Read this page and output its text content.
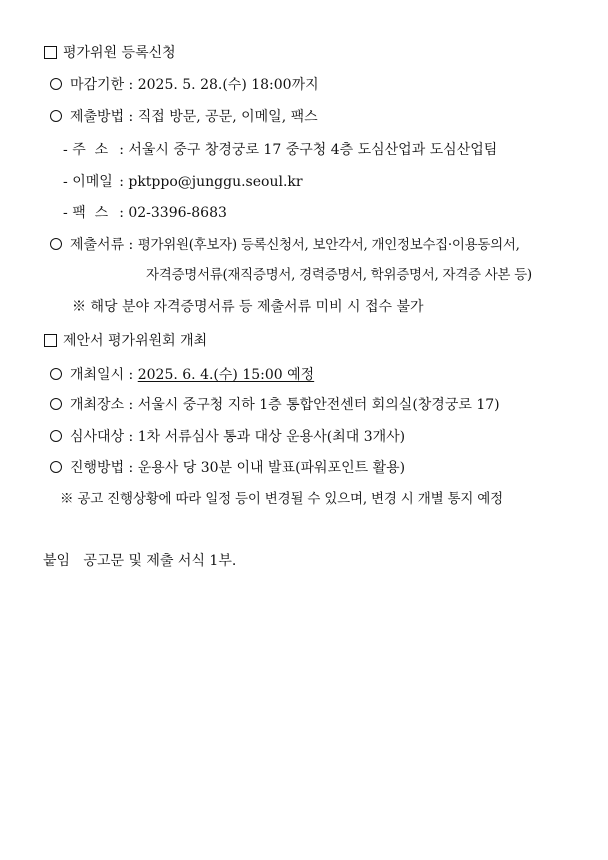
평가위원 등록신청
마감기한 : 2025. 5. 28.(수) 18:00까지
제출방법 : 직접 방문, 공문, 이메일, 팩스
- 주  소 : 서울시 중구 창경궁로 17 중구청 4층 도심산업과 도심산업팀
- 이메일 : pktppo@junggu.seoul.kr
- 팩  스 : 02-3396-8683
제출서류 : 평가위원(후보자) 등록신청서, 보안각서, 개인정보수집·이용동의서,
자격증명서류(재직증명서, 경력증명서, 학위증명서, 자격증 사본 등)
※ 해당 분야 자격증명서류 등 제출서류 미비 시 접수 불가
제안서 평가위원회 개최
개최일시 : 2025. 6. 4.(수) 15:00 예정
개최장소 : 서울시 중구청 지하 1층 통합안전센터 회의실(창경궁로 17)
심사대상 : 1차 서류심사 통과 대상 운용사(최대 3개사)
진행방법 : 운용사 당 30분 이내 발표(파워포인트 활용)
※ 공고 진행상황에 따라 일정 등이 변경될 수 있으며, 변경 시 개별 통지 예정
붙임 공고문 및 제출 서식 1부.
